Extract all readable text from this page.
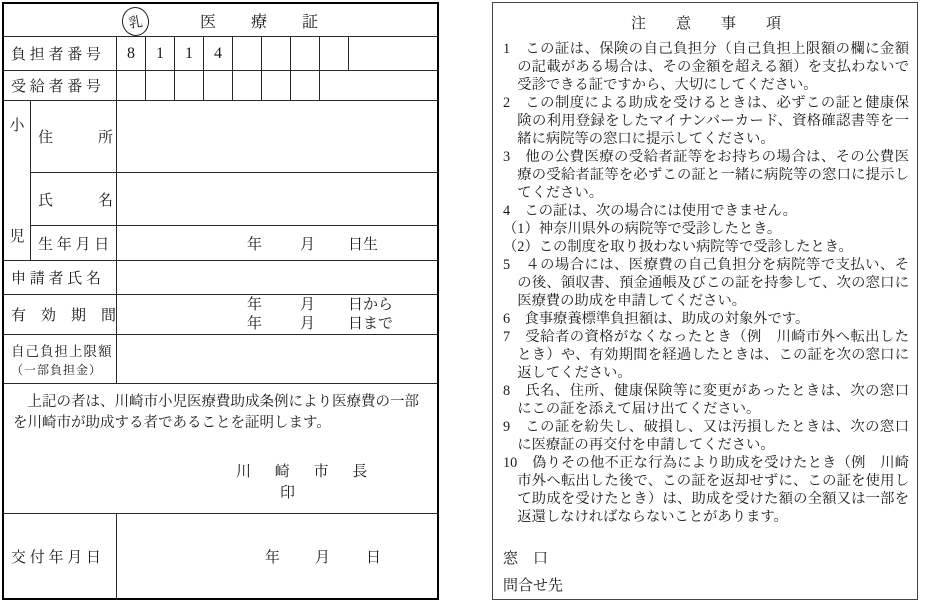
乳	医　　療　　証
負 担 者 番 号	8	1	1	4
受 給 者 番 号
小
児
住　　　所
氏　　　名
生 年 月 日	年	月 日生
申 請 者 氏 名
有　効　期　間
年	月 日から
年	月 日まで
自己負担上限額
（一部負担金）
上記の者は、川崎市小児医療費助成条例により医療費の一部を川崎市が助成する者であることを証明します。
川 崎 市 長 印
交 付 年 月 日	年 月 日
注　　意　　事　　項
1　この証は、保険の自己負担分（自己負担上限額の欄に金額の記載がある場合は、その金額を超える額）を支払わないで受診できる証ですから、大切にしてください。
2　この制度による助成を受けるときは、必ずこの証と健康保険の利用登録をしたマイナンバーカード、資格確認書等を一緒に病院等の窓口に提示してください。
3　他の公費医療の受給者証等をお持ちの場合は、その公費医療の受給者証等を必ずこの証と一緒に病院等の窓口に提示してください。
4　この証は、次の場合には使用できません。
（1）神奈川県外の病院等で受診したとき。
（2）この制度を取り扱わない病院等で受診したとき。
5　４の場合には、医療費の自己負担分を病院等で支払い、その後、領収書、預金通帳及びこの証を持参して、次の窓口に医療費の助成を申請してください。
6　食事療養標準負担額は、助成の対象外です。
7　受給者の資格がなくなったとき（例　川崎市外へ転出したとき）や、有効期間を経過したときは、この証を次の窓口に返してください。
8　氏名、住所、健康保険等に変更があったときは、次の窓口にこの証を添えて届け出てください。
9　この証を紛失し、破損し、又は汚損したときは、次の窓口に医療証の再交付を申請してください。
10　偽りその他不正な行為により助成を受けたとき（例　川崎市外へ転出した後で、この証を返却せずに、この証を使用して助成を受けたとき）は、助成を受けた額の全額又は一部を返還しなければならないことがあります。
窓　口
問合せ先
